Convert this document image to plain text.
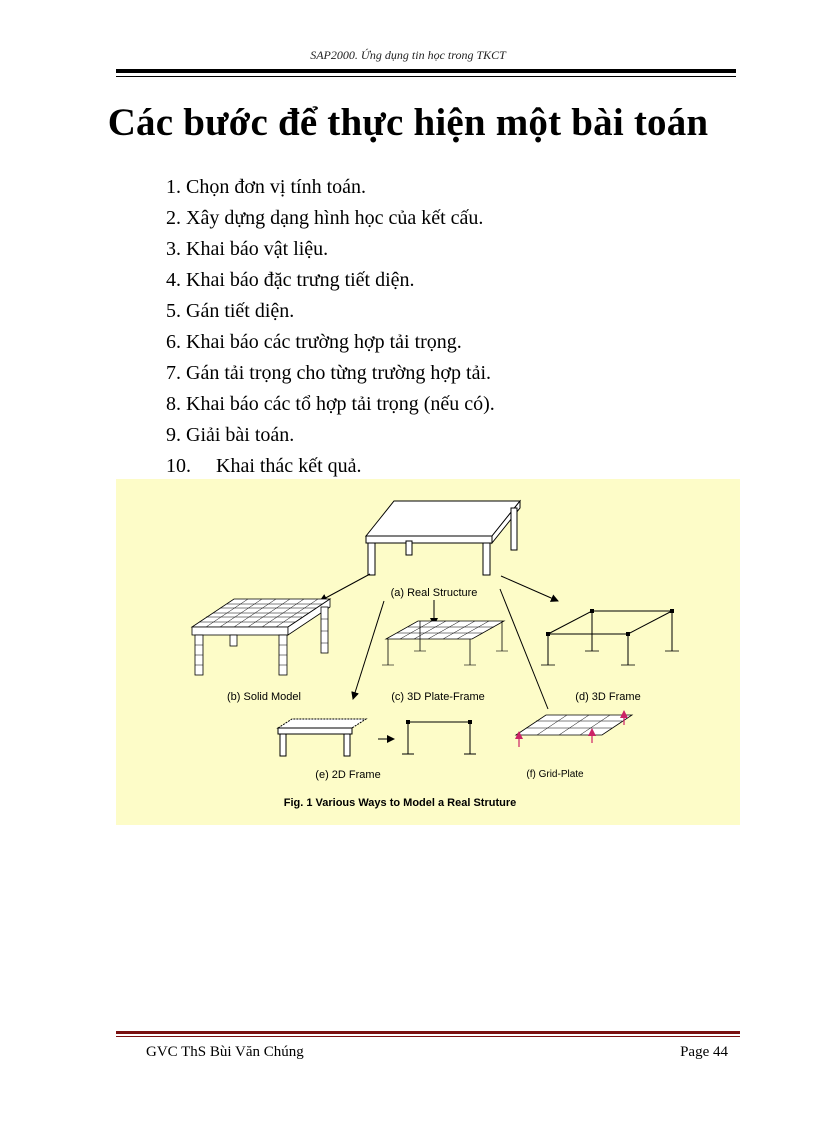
SAP2000. Ứng dụng tin học trong TKCT
Các bước để thực hiện một bài toán
1. Chọn đơn vị tính toán.
2. Xây dựng dạng hình học của kết cấu.
3. Khai báo vật liệu.
4. Khai báo đặc trưng tiết diện.
5. Gán tiết diện.
6. Khai báo các trường hợp tải trọng.
7. Gán tải trọng cho từng trường hợp tải.
8. Khai báo các tổ hợp tải trọng (nếu có).
9. Giải bài toán.
10. Khai thác kết quả.
(a) Real Structure
(b) Solid Model	(c) 3D Plate-Frame	(d) 3D Frame
(e) 2D Frame	(f) Grid-Plate
Fig. 1 Various Ways to Model a Real Struture
GVC ThS Bùi Văn Chúng	Page 44
